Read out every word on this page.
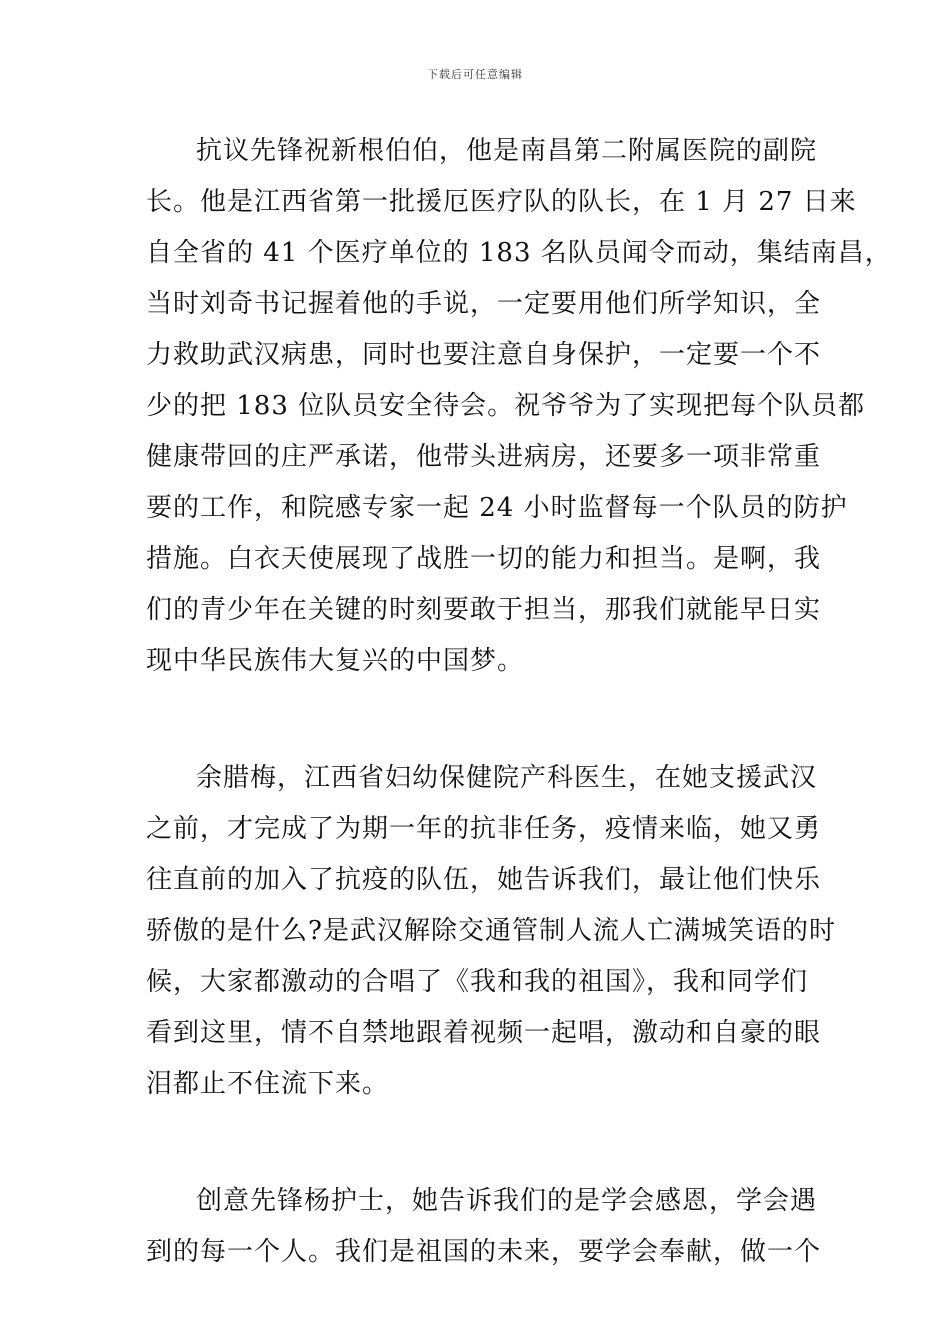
下载后可任意编辑
抗议先锋祝新根伯伯，他是南昌第二附属医院的副院
长。他是江西省第一批援厄医疗队的队长，在 1 月 27 日来
自全省的 41 个医疗单位的 183 名队员闻令而动，集结南昌，
当时刘奇书记握着他的手说，一定要用他们所学知识，全
力救助武汉病患，同时也要注意自身保护，一定要一个不
少的把 183 位队员安全待会。祝爷爷为了实现把每个队员都
健康带回的庄严承诺，他带头进病房，还要多一项非常重
要的工作，和院感专家一起 24 小时监督每一个队员的防护
措施。白衣天使展现了战胜一切的能力和担当。是啊，我
们的青少年在关键的时刻要敢于担当，那我们就能早日实
现中华民族伟大复兴的中国梦。
余腊梅，江西省妇幼保健院产科医生，在她支援武汉
之前，才完成了为期一年的抗非任务，疫情来临，她又勇
往直前的加入了抗疫的队伍，她告诉我们，最让他们快乐
骄傲的是什么?是武汉解除交通管制人流人亡满城笑语的时
候，大家都激动的合唱了《我和我的祖国》，我和同学们
看到这里，情不自禁地跟着视频一起唱，激动和自豪的眼
泪都止不住流下来。
创意先锋杨护士，她告诉我们的是学会感恩，学会遇
到的每一个人。我们是祖国的未来，要学会奉献，做一个
